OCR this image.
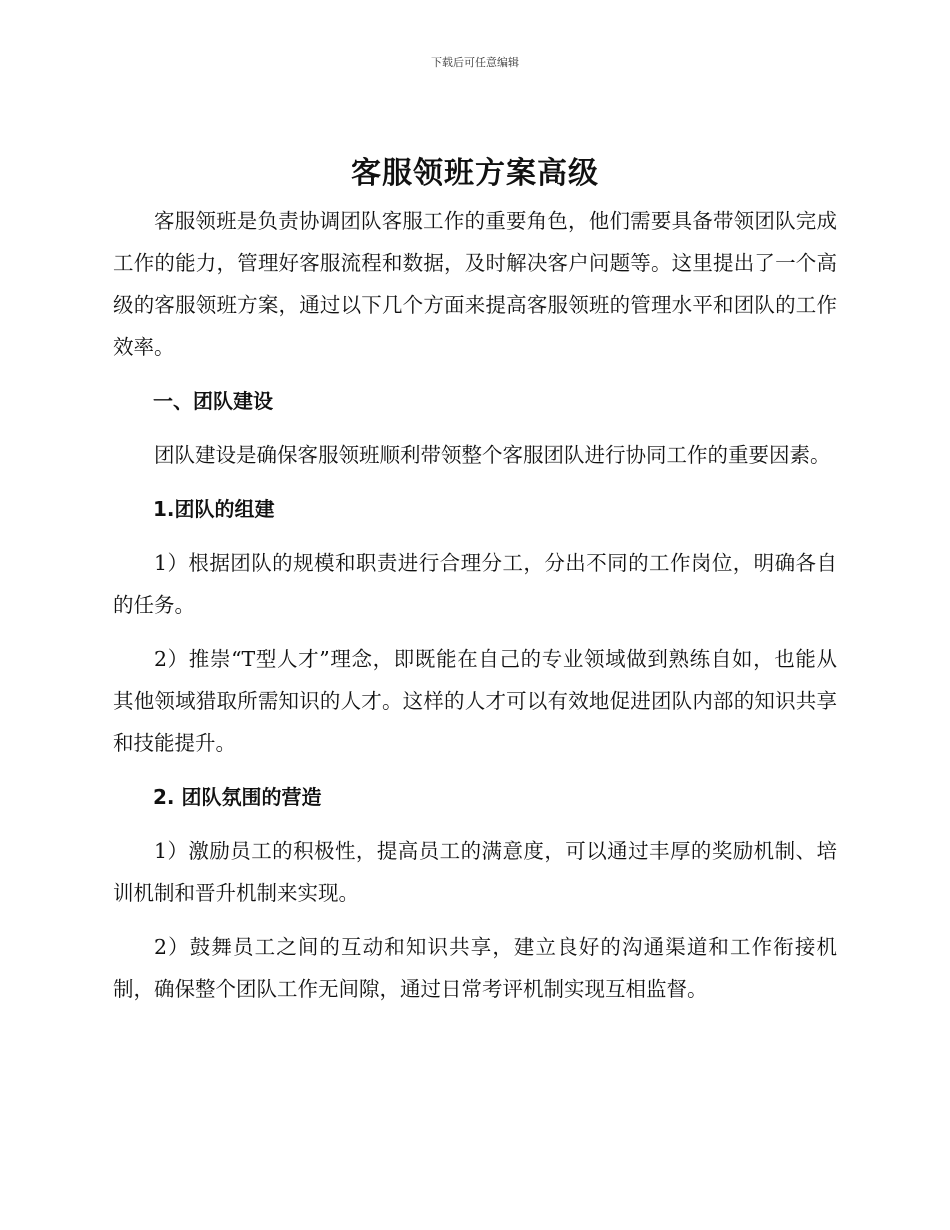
下载后可任意编辑
客服领班方案高级

客服领班是负责协调团队客服工作的重要角色，他们需要具备带领团队完成工作的能力，管理好客服流程和数据，及时解决客户问题等。这里提出了一个高级的客服领班方案，通过以下几个方面来提高客服领班的管理水平和团队的工作效率。

一、团队建设

团队建设是确保客服领班顺利带领整个客服团队进行协同工作的重要因素。

1.团队的组建

1）根据团队的规模和职责进行合理分工，分出不同的工作岗位，明确各自的任务。

2）推崇“T型人才”理念，即既能在自己的专业领域做到熟练自如，也能从其他领域猎取所需知识的人才。这样的人才可以有效地促进团队内部的知识共享和技能提升。

2. 团队氛围的营造

1）激励员工的积极性，提高员工的满意度，可以通过丰厚的奖励机制、培训机制和晋升机制来实现。

2）鼓舞员工之间的互动和知识共享，建立良好的沟通渠道和工作衔接机制，确保整个团队工作无间隙，通过日常考评机制实现互相监督。
